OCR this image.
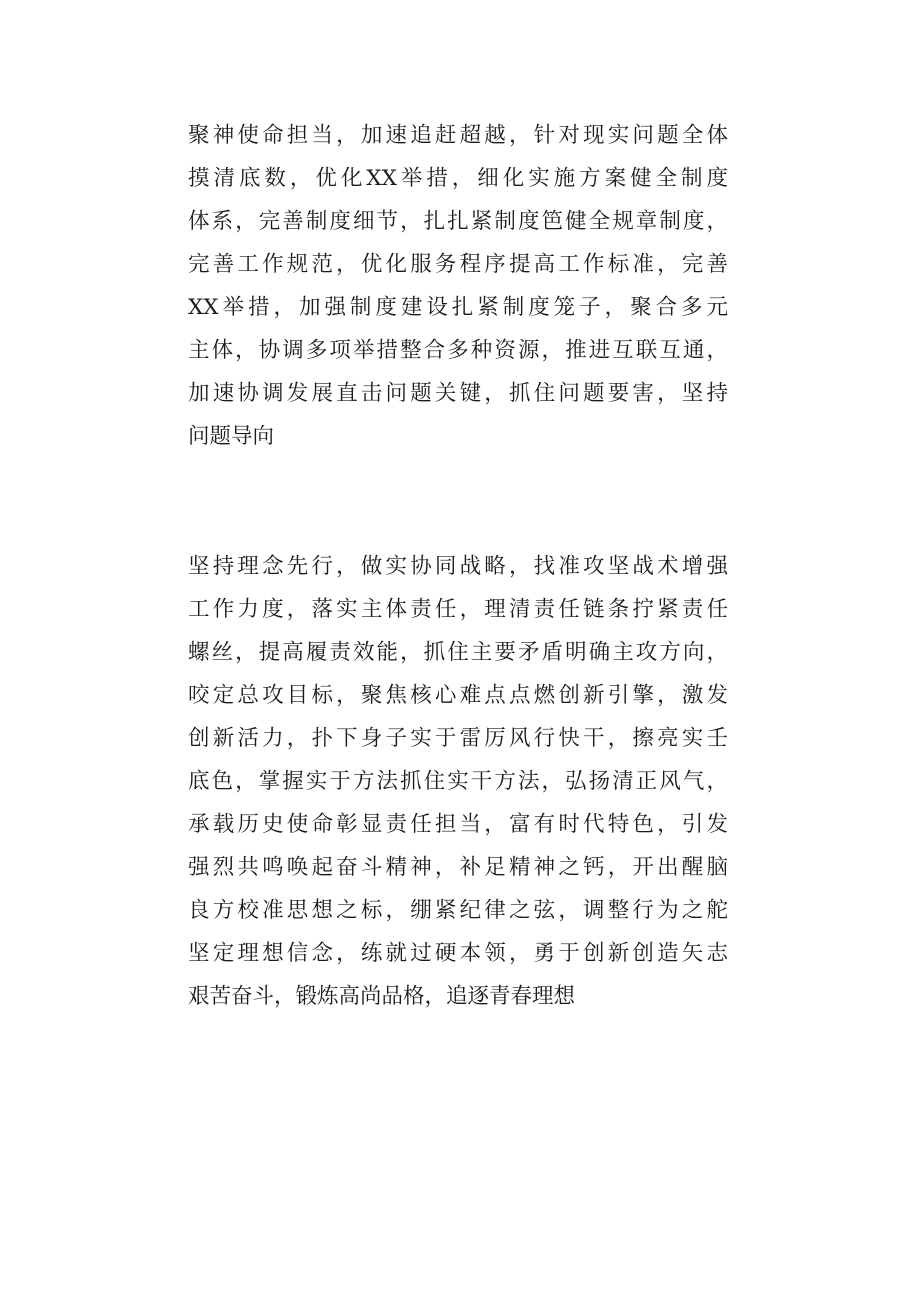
聚神使命担当，加速追赶超越，针对现实问题全体
摸清底数，优化XX举措，细化实施方案健全制度
体系，完善制度细节，扎扎紧制度笆健全规章制度，
完善工作规范，优化服务程序提高工作标准，完善
XX举措，加强制度建设扎紧制度笼子，聚合多元
主体，协调多项举措整合多种资源，推进互联互通，
加速协调发展直击问题关键，抓住问题要害，坚持
问题导向
坚持理念先行，做实协同战略，找准攻坚战术增强
工作力度，落实主体责任，理清责任链条拧紧责任
螺丝，提高履责效能，抓住主要矛盾明确主攻方向，
咬定总攻目标，聚焦核心难点点燃创新引擎，激发
创新活力，扑下身子实于雷厉风行快干，擦亮实壬
底色，掌握实于方法抓住实干方法，弘扬清正风气，
承载历史使命彰显责任担当，富有时代特色，引发
强烈共鸣唤起奋斗精神，补足精神之钙，开出醒脑
良方校准思想之标，绷紧纪律之弦，调整行为之舵
坚定理想信念，练就过硬本领，勇于创新创造矢志
艰苦奋斗，锻炼高尚品格，追逐青春理想
